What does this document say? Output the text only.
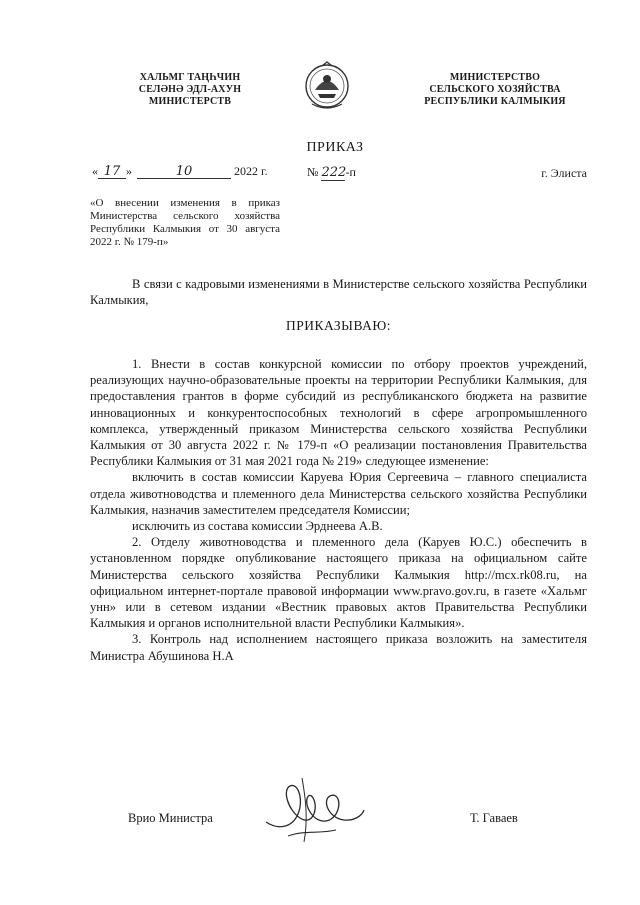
ХАЛЬМГ ТАҢҺЧИН
СЕЛӘНӘ ЭДЛ-АХУН
МИНИСТЕРСТВ
МИНИСТЕРСТВО
СЕЛЬСКОГО ХОЗЯЙСТВА
РЕСПУБЛИКИ КАЛМЫКИЯ
ПРИКАЗ
« 17 »	10	2022 г.	№ 222-п	г. Элиста
«О внесении изменения в приказ Министерства сельского хозяйства Республики Калмыкия от 30 августа 2022 г. № 179-п»
В связи с кадровыми изменениями в Министерстве сельского хозяйства Республики Калмыкия,
ПРИКАЗЫВАЮ:

1. Внести в состав конкурсной комиссии по отбору проектов учреждений, реализующих научно-образовательные проекты на территории Республики Калмыкия, для предоставления грантов в форме субсидий из республиканского бюджета на развитие инновационных и конкурентоспособных технологий в сфере агропромышленного комплекса, утвержденный приказом Министерства сельского хозяйства Республики Калмыкия от 30 августа 2022 г. № 179-п «О реализации постановления Правительства Республики Калмыкия от 31 мая 2021 года № 219» следующее изменение:

включить в состав комиссии Каруева Юрия Сергеевича – главного специалиста отдела животноводства и племенного дела Министерства сельского хозяйства Республики Калмыкия, назначив заместителем председателя Комиссии;

исключить из состава комиссии Эрднеева А.В.

2. Отделу животноводства и племенного дела (Каруев Ю.С.) обеспечить в установленном порядке опубликование настоящего приказа на официальном сайте Министерства сельского хозяйства Республики Калмыкия http://mcx.rk08.ru, на официальном интернет-портале правовой информации www.pravo.gov.ru, в газете «Хальмг унн» или в сетевом издании «Вестник правовых актов Правительства Республики Калмыкия и органов исполнительной власти Республики Калмыкия».

3. Контроль над исполнением настоящего приказа возложить на заместителя Министра Абушинова Н.А

Врио Министра	Т. Гаваев
